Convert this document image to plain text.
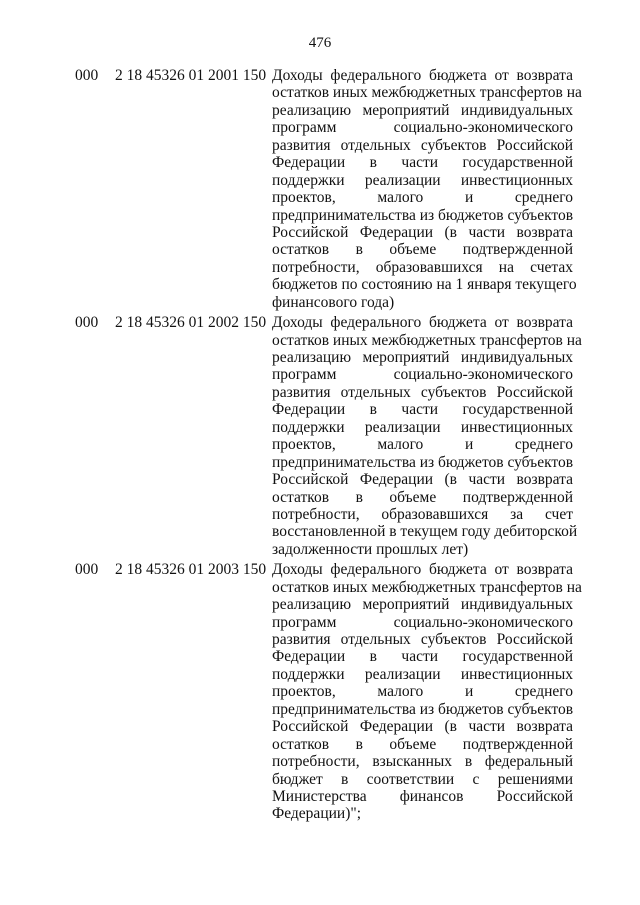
476
000 2 18 45326 01 2001 150 Доходы федерального бюджета от возврата
остатков иных межбюджетных трансфертов на
реализацию мероприятий индивидуальных
программ социально-экономического
развития отдельных субъектов Российской
Федерации в части государственной
поддержки реализации инвестиционных
проектов, малого и среднего
предпринимательства из бюджетов субъектов
Российской Федерации (в части возврата
остатков в объеме подтвержденной
потребности, образовавшихся на счетах
бюджетов по состоянию на 1 января текущего
финансового года)
000 2 18 45326 01 2002 150 Доходы федерального бюджета от возврата
остатков иных межбюджетных трансфертов на
реализацию мероприятий индивидуальных
программ социально-экономического
развития отдельных субъектов Российской
Федерации в части государственной
поддержки реализации инвестиционных
проектов, малого и среднего
предпринимательства из бюджетов субъектов
Российской Федерации (в части возврата
остатков в объеме подтвержденной
потребности, образовавшихся за счет
восстановленной в текущем году дебиторской
задолженности прошлых лет)
000 2 18 45326 01 2003 150 Доходы федерального бюджета от возврата
остатков иных межбюджетных трансфертов на
реализацию мероприятий индивидуальных
программ социально-экономического
развития отдельных субъектов Российской
Федерации в части государственной
поддержки реализации инвестиционных
проектов, малого и среднего
предпринимательства из бюджетов субъектов
Российской Федерации (в части возврата
остатков в объеме подтвержденной
потребности, взысканных в федеральный
бюджет в соответствии с решениями
Министерства финансов Российской
Федерации)";
